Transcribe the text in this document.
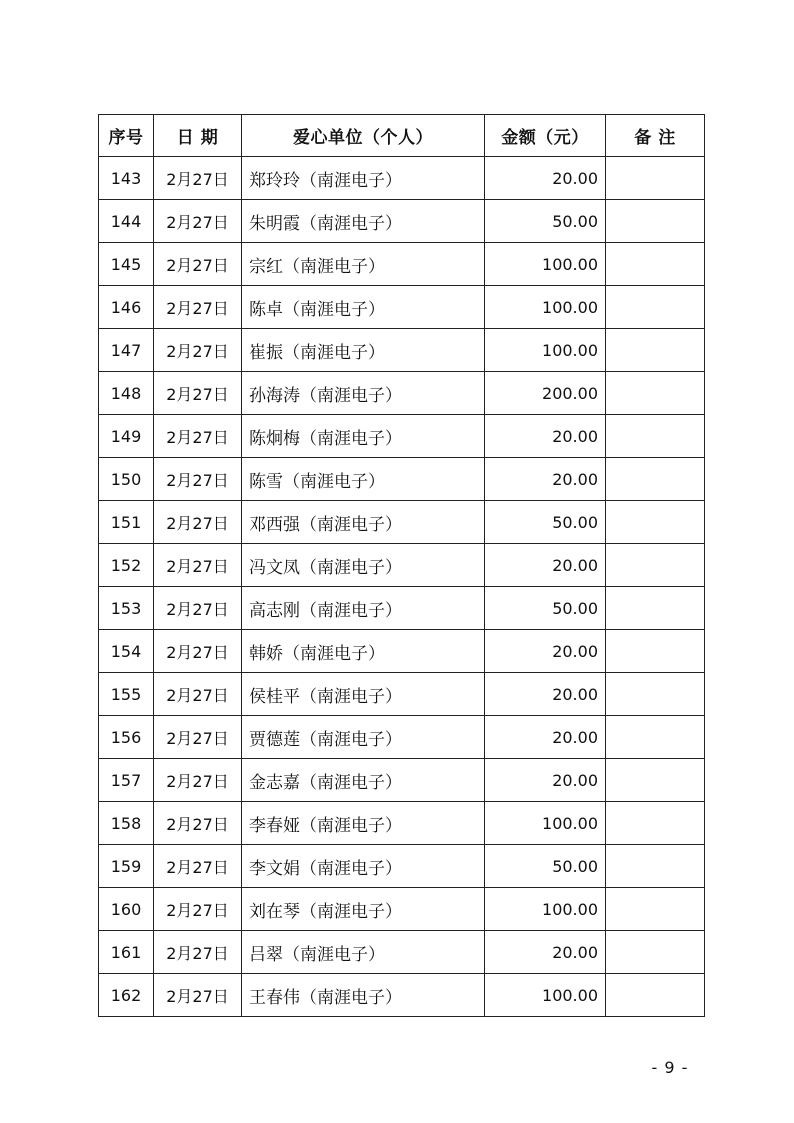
序号	日 期	爱心单位（个人）	金额（元）	备 注
143	2月27日	郑玲玲（南涯电子）	20.00	
144	2月27日	朱明霞（南涯电子）	50.00	
145	2月27日	宗红（南涯电子）	100.00	
146	2月27日	陈卓（南涯电子）	100.00	
147	2月27日	崔振（南涯电子）	100.00	
148	2月27日	孙海涛（南涯电子）	200.00	
149	2月27日	陈炯梅（南涯电子）	20.00	
150	2月27日	陈雪（南涯电子）	20.00	
151	2月27日	邓西强（南涯电子）	50.00	
152	2月27日	冯文凤（南涯电子）	20.00	
153	2月27日	高志刚（南涯电子）	50.00	
154	2月27日	韩娇（南涯电子）	20.00	
155	2月27日	侯桂平（南涯电子）	20.00	
156	2月27日	贾德莲（南涯电子）	20.00	
157	2月27日	金志嘉（南涯电子）	20.00	
158	2月27日	李春娅（南涯电子）	100.00	
159	2月27日	李文娟（南涯电子）	50.00	
160	2月27日	刘在琴（南涯电子）	100.00	
161	2月27日	吕翠（南涯电子）	20.00	
162	2月27日	王春伟（南涯电子）	100.00	
- 9 -
